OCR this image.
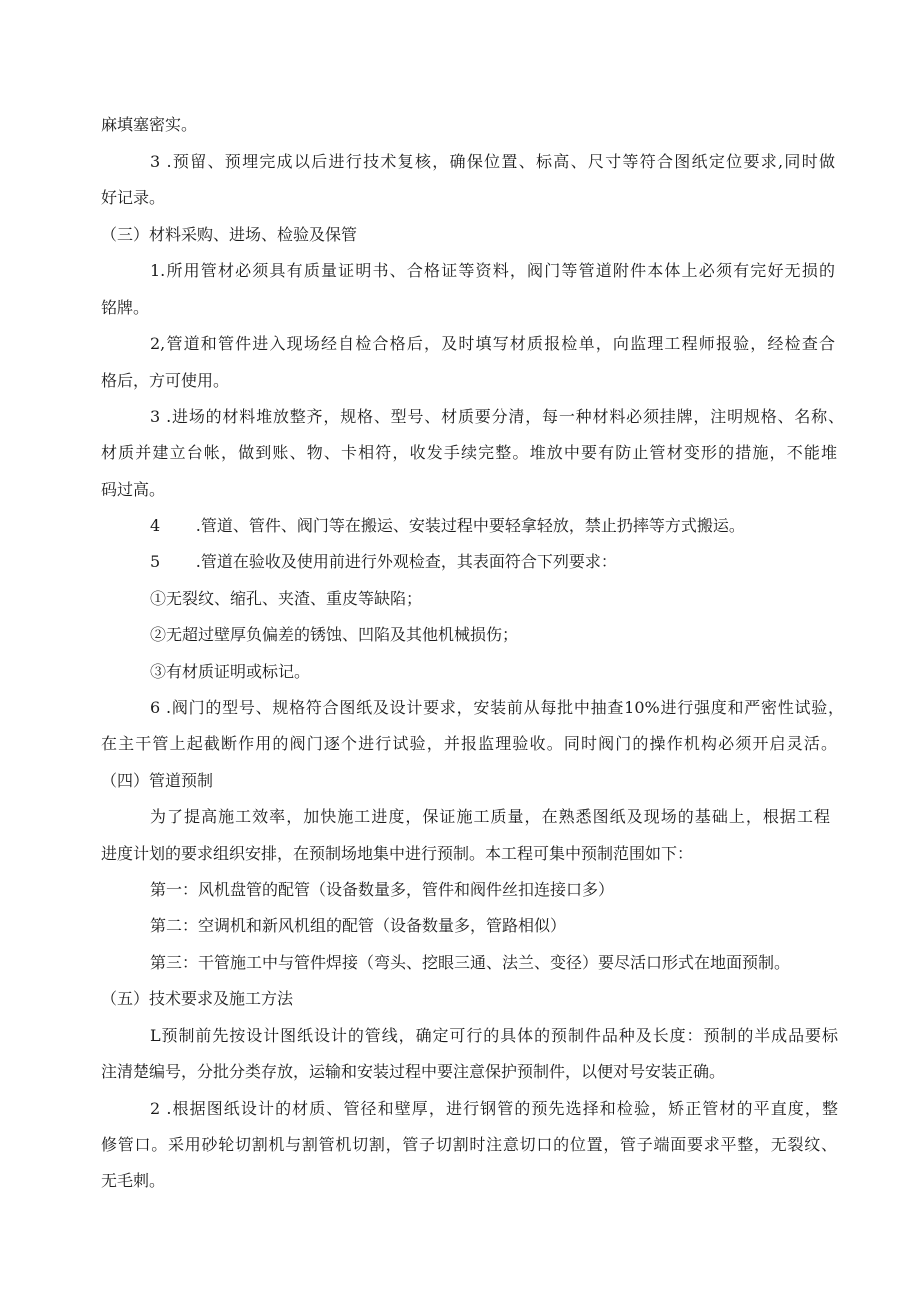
麻填塞密实。
3 .预留、预埋完成以后进行技术复核，确保位置、标高、尺寸等符合图纸定位要求,同时做
好记录。
（三）材料采购、进场、检验及保管
1.所用管材必须具有质量证明书、合格证等资料，阀门等管道附件本体上必须有完好无损的
铭牌。
2,管道和管件进入现场经自检合格后，及时填写材质报检单，向监理工程师报验，经检查合
格后，方可使用。
3 .进场的材料堆放整齐，规格、型号、材质要分清，每一种材料必须挂牌，注明规格、名称、
材质并建立台帐，做到账、物、卡相符，收发手续完整。堆放中要有防止管材变形的措施，不能堆
码过高。
4       .管道、管件、阀门等在搬运、安装过程中要轻拿轻放，禁止扔摔等方式搬运。
5       .管道在验收及使用前进行外观检查，其表面符合下列要求：
①无裂纹、缩孔、夹渣、重皮等缺陷；
②无超过壁厚负偏差的锈蚀、凹陷及其他机械损伤；
③有材质证明或标记。
6 .阀门的型号、规格符合图纸及设计要求，安装前从每批中抽查10%进行强度和严密性试验，
在主干管上起截断作用的阀门逐个进行试验，并报监理验收。同时阀门的操作机构必须开启灵活。
（四）管道预制
为了提高施工效率，加快施工进度，保证施工质量，在熟悉图纸及现场的基础上，根据工程
进度计划的要求组织安排，在预制场地集中进行预制。本工程可集中预制范围如下：
第一：风机盘管的配管（设备数量多，管件和阀件丝扣连接口多）
第二：空调机和新风机组的配管（设备数量多，管路相似）
第三：干管施工中与管件焊接（弯头、挖眼三通、法兰、变径）要尽活口形式在地面预制。
（五）技术要求及施工方法
L预制前先按设计图纸设计的管线，确定可行的具体的预制件品种及长度：预制的半成品要标
注清楚编号，分批分类存放，运输和安装过程中要注意保护预制件，以便对号安装正确。
2 .根据图纸设计的材质、管径和壁厚，进行钢管的预先选择和检验，矫正管材的平直度，整
修管口。采用砂轮切割机与割管机切割，管子切割时注意切口的位置，管子端面要求平整，无裂纹、
无毛刺。
